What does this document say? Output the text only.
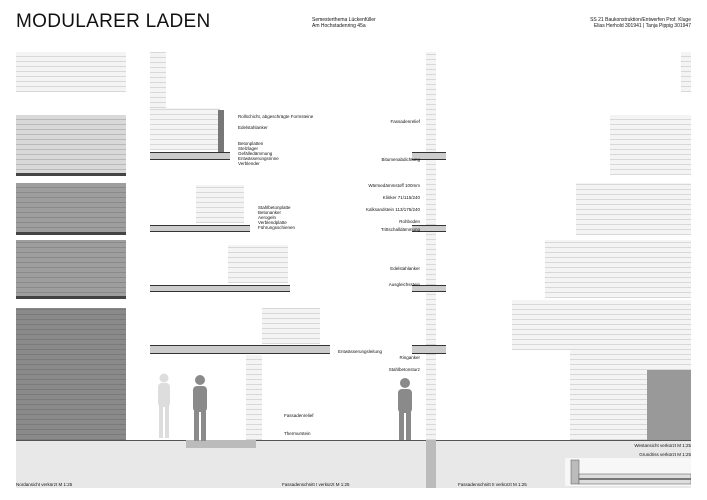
MODULARER LADEN	Semesterthema Lückenfüller
Am Hochstadenring 45a
SS 21 Baukonstruktion/Entwerfen Prof. Kluge
Elias Herhold 301941 | Tanja Pippig 301947
Rollschicht, abgeschrägte Formsteine
Edelstahlanker
Betonplatten
Stelzlager
Gefälledämmung
Entwässerungsrinne
Verblender
Stahlbetonplatte
Betonanker
Aerogeln
Verblendplatte
Führungsschienen
Entwässerungsleitung
Fassadenrelief
Thermurstein
Fassadenrelief
Bitumenabdichtung
Wärmedämmstoff 100mm
Klinker 71/115/240
Kalksandstein 113/175/240
Rohboden
Trittschalldämmung
Edelstahlanker
Ausgleichsstein
Ringanker
Stahlbetonsturz
Nordansicht verkürzt M 1:25	Fassadenschnitt I verkürzt M 1:25	Fassadenschnitt II verkürzt M 1:25
Westansicht verkürzt M 1:25
Grundriss verkürzt M 1:25
